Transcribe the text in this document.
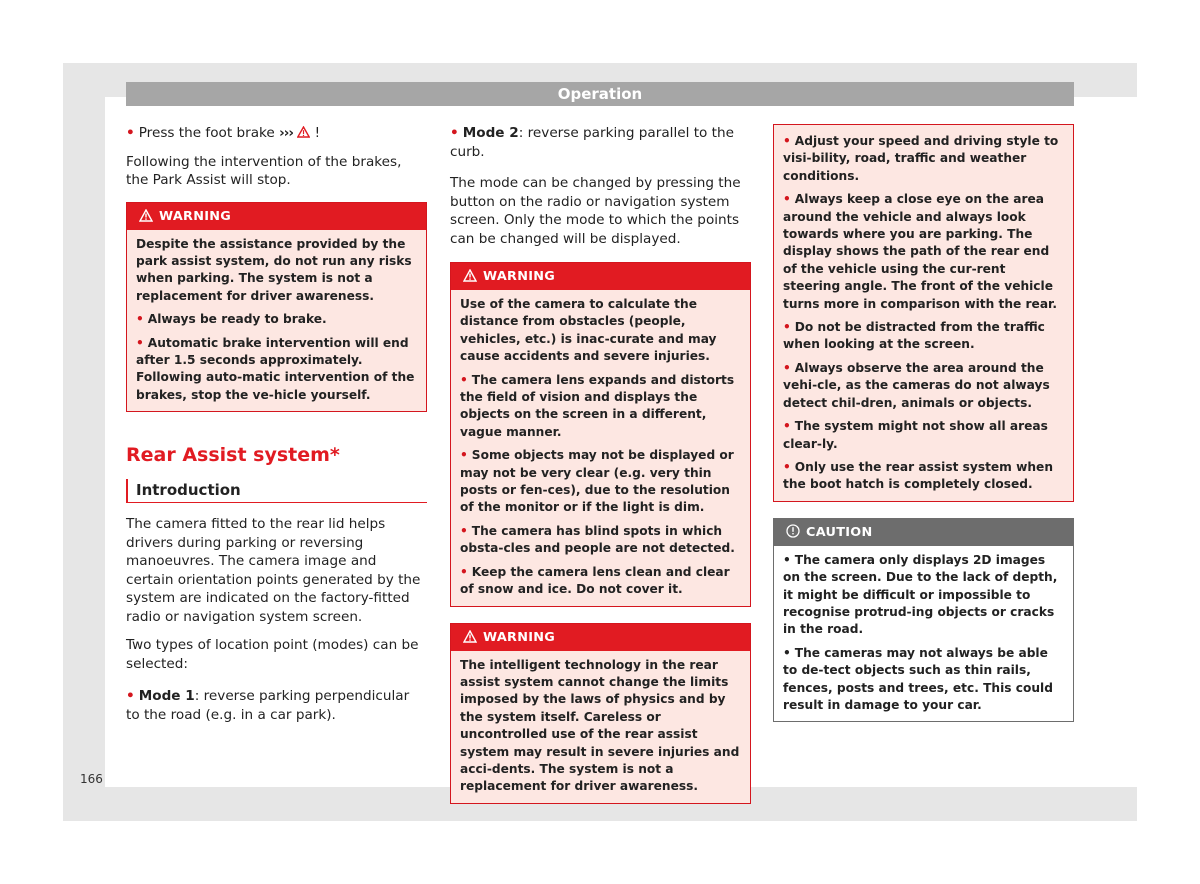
Operation

• Press the foot brake ››› !

Following the intervention of the brakes, the Park Assist will stop.

WARNING
Despite the assistance provided by the park assist system, do not run any risks when parking. The system is not a replacement for driver awareness.
• Always be ready to brake.
• Automatic brake intervention will end after 1.5 seconds approximately. Following auto-matic intervention of the brakes, stop the ve-hicle yourself.
Rear Assist system*
Introduction

The camera fitted to the rear lid helps drivers during parking or reversing manoeuvres. The camera image and certain orientation points generated by the system are indicated on the factory-fitted radio or navigation system screen.

Two types of location point (modes) can be selected:

• Mode 1: reverse parking perpendicular to the road (e.g. in a car park).

• Mode 2: reverse parking parallel to the curb.

The mode can be changed by pressing the button on the radio or navigation system screen. Only the mode to which the points can be changed will be displayed.

WARNING
Use of the camera to calculate the distance from obstacles (people, vehicles, etc.) is inac-curate and may cause accidents and severe injuries.
• The camera lens expands and distorts the field of vision and displays the objects on the screen in a different, vague manner.
• Some objects may not be displayed or may not be very clear (e.g. very thin posts or fen-ces), due to the resolution of the monitor or if the light is dim.
• The camera has blind spots in which obsta-cles and people are not detected.
• Keep the camera lens clean and clear of snow and ice. Do not cover it.
WARNING
The intelligent technology in the rear assist system cannot change the limits imposed by the laws of physics and by the system itself. Careless or uncontrolled use of the rear assist system may result in severe injuries and acci-dents. The system is not a replacement for driver awareness.
• Adjust your speed and driving style to visi-bility, road, traffic and weather conditions.
• Always keep a close eye on the area around the vehicle and always look towards where you are parking. The display shows the path of the rear end of the vehicle using the cur-rent steering angle. The front of the vehicle turns more in comparison with the rear.
• Do not be distracted from the traffic when looking at the screen.
• Always observe the area around the vehi-cle, as the cameras do not always detect chil-dren, animals or objects.
• The system might not show all areas clear-ly.
• Only use the rear assist system when the boot hatch is completely closed.
CAUTION
• The camera only displays 2D images on the screen. Due to the lack of depth, it might be difficult or impossible to recognise protrud-ing objects or cracks in the road.
• The cameras may not always be able to de-tect objects such as thin rails, fences, posts and trees, etc. This could result in damage to your car.
166
